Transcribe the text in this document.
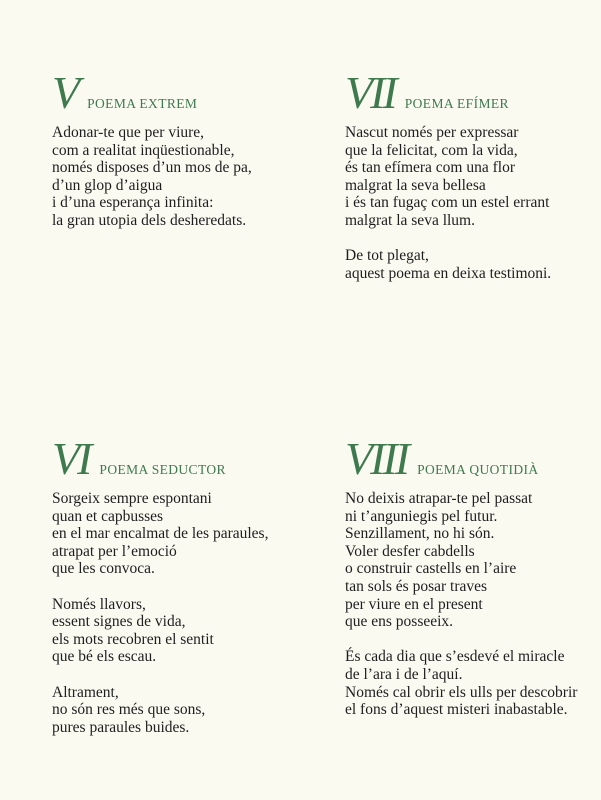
V POEMA EXTREM
Adonar-te que per viure,
com a realitat inqüestionable,
només disposes d’un mos de pa,
d’un glop d’aigua
i d’una esperança infinita:
la gran utopia dels desheredats.
VII POEMA EFÍMER
Nascut només per expressar
que la felicitat, com la vida,
és tan efímera com una flor
malgrat la seva bellesa
i és tan fugaç com un estel errant
malgrat la seva llum.
De tot plegat,
aquest poema en deixa testimoni.
VI POEMA SEDUCTOR
Sorgeix sempre espontani
quan et capbusses
en el mar encalmat de les paraules,
atrapat per l’emoció
que les convoca.
Només llavors,
essent signes de vida,
els mots recobren el sentit
que bé els escau.
Altrament,
no són res més que sons,
pures paraules buides.
VIII POEMA QUOTIDIÀ
No deixis atrapar-te pel passat
ni t’anguniegis pel futur.
Senzillament, no hi són.
Voler desfer cabdells
o construir castells en l’aire
tan sols és posar traves
per viure en el present
que ens posseeix.
És cada dia que s’esdevé el miracle
de l’ara i de l’aquí.
Només cal obrir els ulls per descobrir
el fons d’aquest misteri inabastable.
